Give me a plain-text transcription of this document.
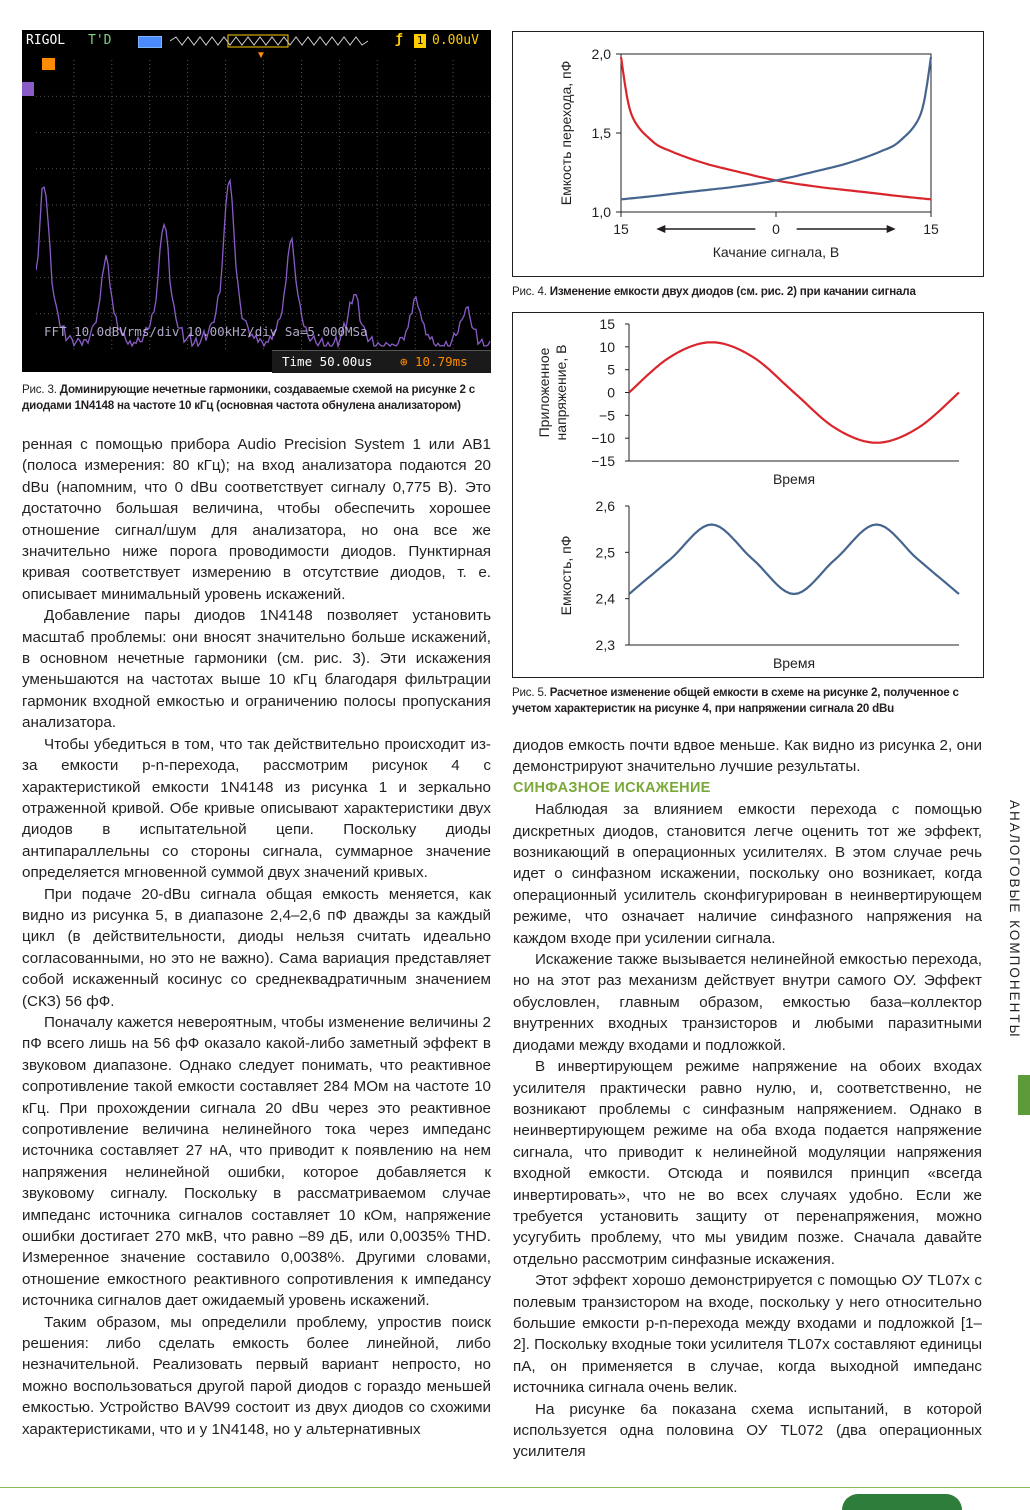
RIGOL T'D	ƒ 1 0.00uV
▼
FFT 10.0dBVrms/div 10.00kHz/div Sa=5.000MSa
Time 50.00us ⊕ 10.79ms
Рис. 3. Доминирующие нечетные гармоники, создаваемые схемой на рисунке 2 с диодами 1N4148 на частоте 10 кГц (основная частота обнулена анализатором)

ренная с помощью прибора Audio Precision System 1 или AB1 (полоса измерения: 80 кГц); на вход анализатора подаются 20 dBu (напомним, что 0 dBu соответствует сигналу 0,775 В). Это достаточно большая величина, чтобы обеспечить хорошее отношение сигнал/шум для анализатора, но она все же значительно ниже порога проводимости диодов. Пунктирная кривая соответствует измерению в отсутствие диодов, т. е. описывает минимальный уровень искажений.

Добавление пары диодов 1N4148 позволяет установить масштаб проблемы: они вносят значительно больше искажений, в основном нечетные гармоники (см. рис. 3). Эти искажения уменьшаются на частотах выше 10 кГц благодаря фильтрации гармоник входной емкостью и ограничению полосы пропускания анализатора.

Чтобы убедиться в том, что так действительно происходит из-за емкости p-n-перехода, рассмотрим рисунок 4 с характеристикой емкости 1N4148 из рисунка 1 и зеркально отраженной кривой. Обе кривые описывают характеристики двух диодов в испытательной цепи. Поскольку диоды антипараллельны со стороны сигнала, суммарное значение определяется мгновенной суммой двух значений кривых.

При подаче 20-dBu сигнала общая емкость меняется, как видно из рисунка 5, в диапазоне 2,4–2,6 пФ дважды за каждый цикл (в действительности, диоды нельзя считать идеально согласованными, но это не важно). Сама вариация представляет собой искаженный косинус со среднеквадратичным значением (СКЗ) 56 фФ.

Поначалу кажется невероятным, чтобы изменение величины 2 пФ всего лишь на 56 фФ оказало какой-либо заметный эффект в звуковом диапазоне. Однако следует понимать, что реактивное сопротивление такой емкости составляет 284 МОм на частоте 10 кГц. При прохождении сигнала 20 dBu через это реактивное сопротивление величина нелинейного тока через импеданс источника составляет 27 нА, что приводит к появлению на нем напряжения нелинейной ошибки, которое добавляется к звуковому сигналу. Поскольку в рассматриваемом случае импеданс источника сигналов составляет 10 кОм, напряжение ошибки достигает 270 мкВ, что равно –89 дБ, или 0,0035% THD. Измеренное значение составило 0,0038%. Другими словами, отношение емкостного реактивного сопротивления к импедансу источника сигналов дает ожидаемый уровень искажений.

Таким образом, мы определили проблему, упростив поиск решения: либо сделать емкость более линейной, либо незначительной. Реализовать первый вариант непросто, но можно воспользоваться другой парой диодов с гораздо меньшей емкостью. Устройство BAV99 состоит из двух диодов со схожими характеристиками, что и у 1N4148, но у альтернативных

2,0
1,5
1,0
15	0	15
Качание сигнала, В
Емкость перехода, пФ
Рис. 4. Изменение емкости двух диодов (см. рис. 2) при качании сигнала
15
10
5
0
−5
−10
−15
Время
Приложенноенапряжение, В
2,6
2,5
2,4
2,3
Время
Емкость, пФ
Рис. 5. Расчетное изменение общей емкости в схеме на рисунке 2, полученное с учетом характеристик на рисунке 4, при напряжении сигнала 20 dBu

диодов емкость почти вдвое меньше. Как видно из рисунка 2, они демонстрируют значительно лучшие результаты.

СИНФАЗНОЕ ИСКАЖЕНИЕ

Наблюдая за влиянием емкости перехода с помощью дискретных диодов, становится легче оценить тот же эффект, возникающий в операционных усилителях. В этом случае речь идет о синфазном искажении, поскольку оно возникает, когда операционный усилитель сконфигурирован в неинвертирующем режиме, что означает наличие синфазного напряжения на каждом входе при усилении сигнала.

Искажение также вызывается нелинейной емкостью перехода, но на этот раз механизм действует внутри самого ОУ. Эффект обусловлен, главным образом, емкостью база–коллектор внутренних входных транзисторов и любыми паразитными диодами между входами и подложкой.

В инвертирующем режиме напряжение на обоих входах усилителя практически равно нулю, и, соответственно, не возникают проблемы с синфазным напряжением. Однако в неинвертирующем режиме на оба входа подается напряжение сигнала, что приводит к нелинейной модуляции напряжения входной емкости. Отсюда и появился принцип «всегда инвертировать», что не во всех случаях удобно. Если же требуется установить защиту от перенапряжения, можно усугубить проблему, что мы увидим позже. Сначала давайте отдельно рассмотрим синфазные искажения.

Этот эффект хорошо демонстрируется с помощью ОУ TL07x с полевым транзистором на входе, поскольку у него относительно большие емкости p-n-перехода между входами и подложкой [1–2]. Поскольку входные токи усилителя TL07x составляют единицы пА, он применяется в случае, когда выходной импеданс источника сигнала очень велик.

На рисунке 6а показана схема испытаний, в которой используется одна половина ОУ TL072 (два операционных усилителя

АНАЛОГОВЫЕ КОМПОНЕНТЫ
